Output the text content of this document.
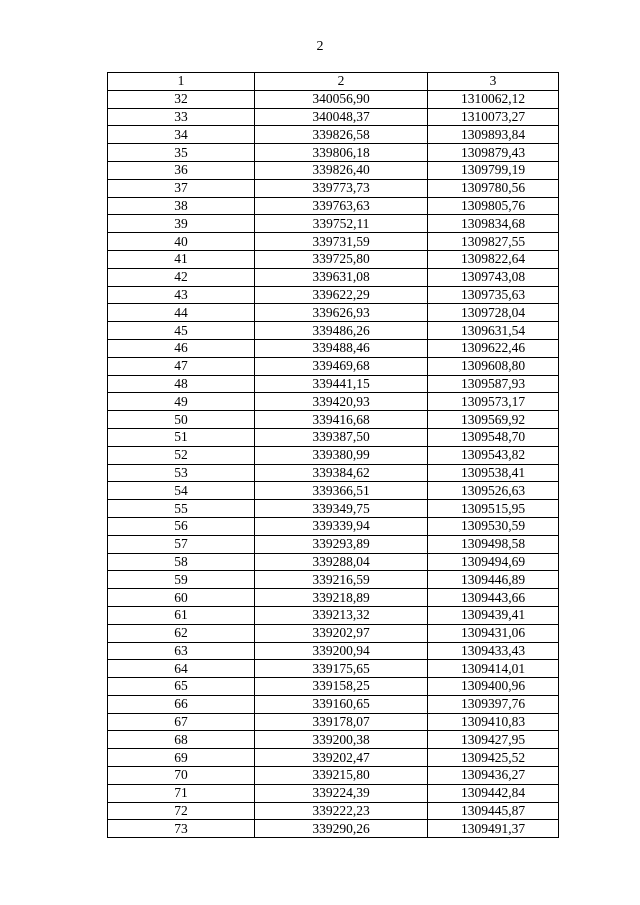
2
1	2	3
32	340056,90	1310062,12
33	340048,37	1310073,27
34	339826,58	1309893,84
35	339806,18	1309879,43
36	339826,40	1309799,19
37	339773,73	1309780,56
38	339763,63	1309805,76
39	339752,11	1309834,68
40	339731,59	1309827,55
41	339725,80	1309822,64
42	339631,08	1309743,08
43	339622,29	1309735,63
44	339626,93	1309728,04
45	339486,26	1309631,54
46	339488,46	1309622,46
47	339469,68	1309608,80
48	339441,15	1309587,93
49	339420,93	1309573,17
50	339416,68	1309569,92
51	339387,50	1309548,70
52	339380,99	1309543,82
53	339384,62	1309538,41
54	339366,51	1309526,63
55	339349,75	1309515,95
56	339339,94	1309530,59
57	339293,89	1309498,58
58	339288,04	1309494,69
59	339216,59	1309446,89
60	339218,89	1309443,66
61	339213,32	1309439,41
62	339202,97	1309431,06
63	339200,94	1309433,43
64	339175,65	1309414,01
65	339158,25	1309400,96
66	339160,65	1309397,76
67	339178,07	1309410,83
68	339200,38	1309427,95
69	339202,47	1309425,52
70	339215,80	1309436,27
71	339224,39	1309442,84
72	339222,23	1309445,87
73	339290,26	1309491,37
